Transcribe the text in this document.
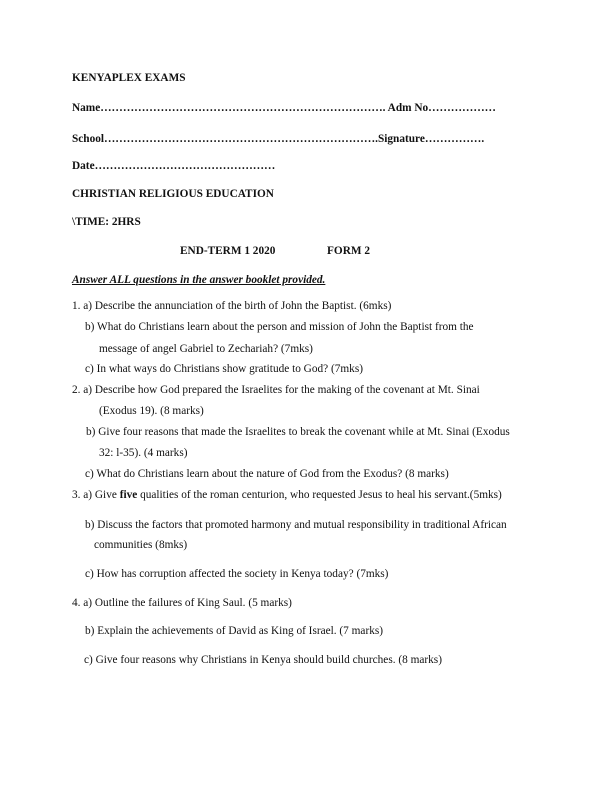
KENYAPLEX EXAMS
Name…………………………………………………………………. Adm No………………
School……………………………………………………………….Signature…………….
Date…………………………………………
CHRISTIAN RELIGIOUS EDUCATION
\TIME: 2HRS
END-TERM 1 2020	FORM 2
Answer ALL questions in the answer booklet provided.
1. a) Describe the annunciation of the birth of John the Baptist. (6mks)
b) What do Christians learn about the person and mission of John the Baptist from the
message of angel Gabriel to Zechariah? (7mks)
c) In what ways do Christians show gratitude to God? (7mks)
2. a) Describe how God prepared the Israelites for the making of the covenant at Mt. Sinai
(Exodus 19). (8 marks)
b) Give four reasons that made the Israelites to break the covenant while at Mt. Sinai (Exodus
32: l-35). (4 marks)
c) What do Christians learn about the nature of God from the Exodus? (8 marks)
3. a) Give five qualities of the roman centurion, who requested Jesus to heal his servant.(5mks)
b) Discuss the factors that promoted harmony and mutual responsibility in traditional African
communities (8mks)
c) How has corruption affected the society in Kenya today? (7mks)
4. a) Outline the failures of King Saul. (5 marks)
b) Explain the achievements of David as King of Israel. (7 marks)
c) Give four reasons why Christians in Kenya should build churches. (8 marks)
